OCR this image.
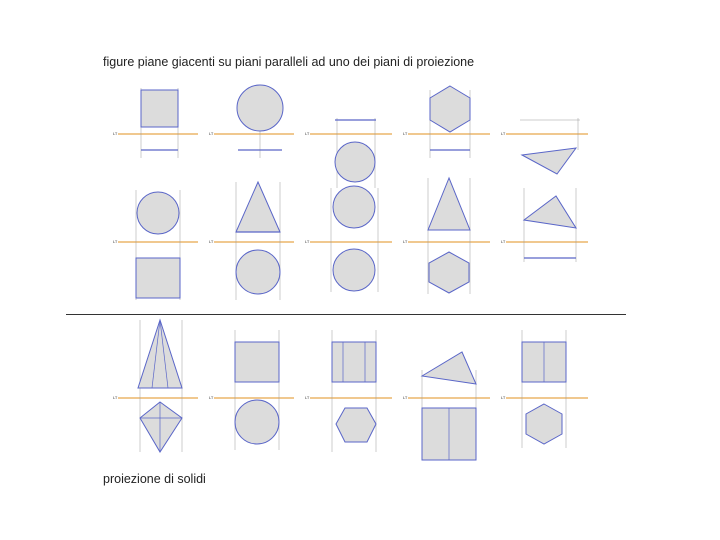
figure piane giacenti su piani paralleli ad uno dei piani di proiezione
proiezione di solidi
LT	LT	LT	LT	LT
LT	LT	LT	LT	LT
LT	LT	LT	LT	LT
